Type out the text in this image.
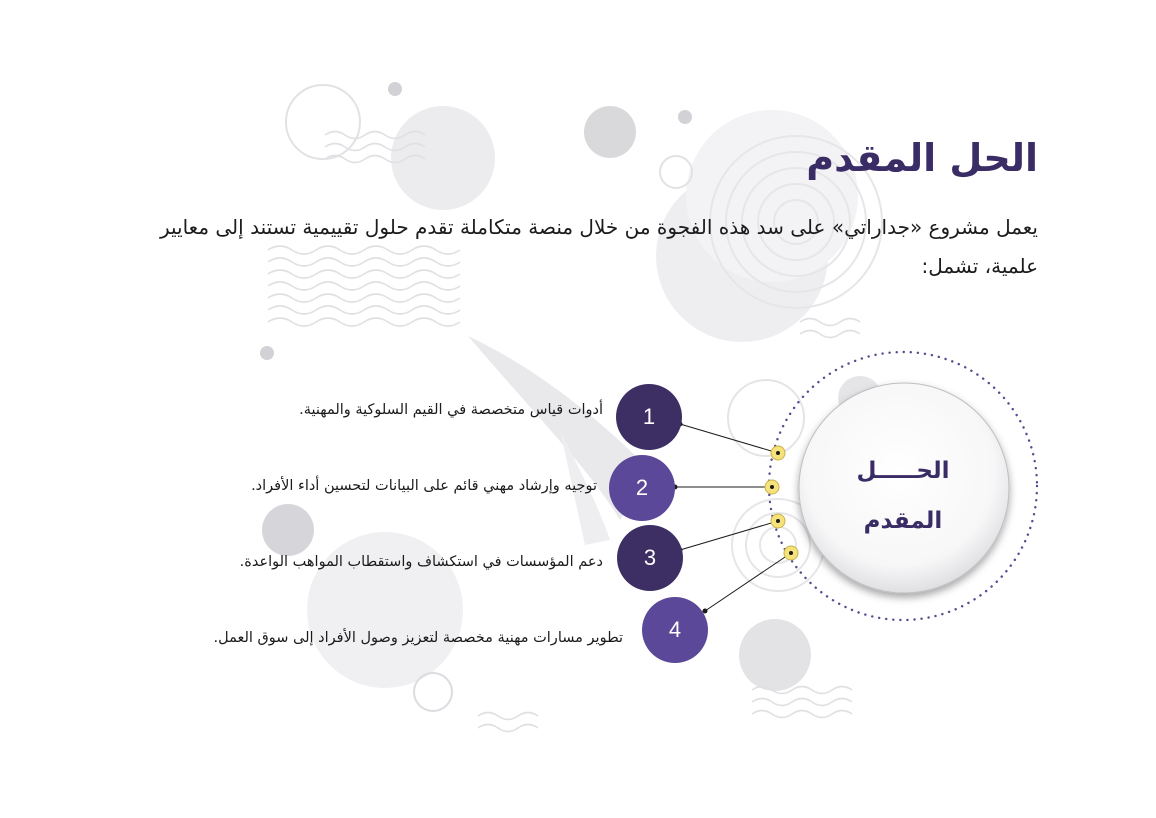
الحل المقدم

يعمل مشروع «جداراتي» على سد هذه الفجوة من خلال منصة متكاملة تقدم حلول تقييمية تستند إلى معايير علمية، تشمل:

الحـــــل
المقدم
1
2
3
4
أدوات قياس متخصصة في القيم السلوكية والمهنية.
توجيه وإرشاد مهني قائم على البيانات لتحسين أداء الأفراد.
دعم المؤسسات في استكشاف واستقطاب المواهب الواعدة.
تطوير مسارات مهنية مخصصة لتعزيز وصول الأفراد إلى سوق العمل.
